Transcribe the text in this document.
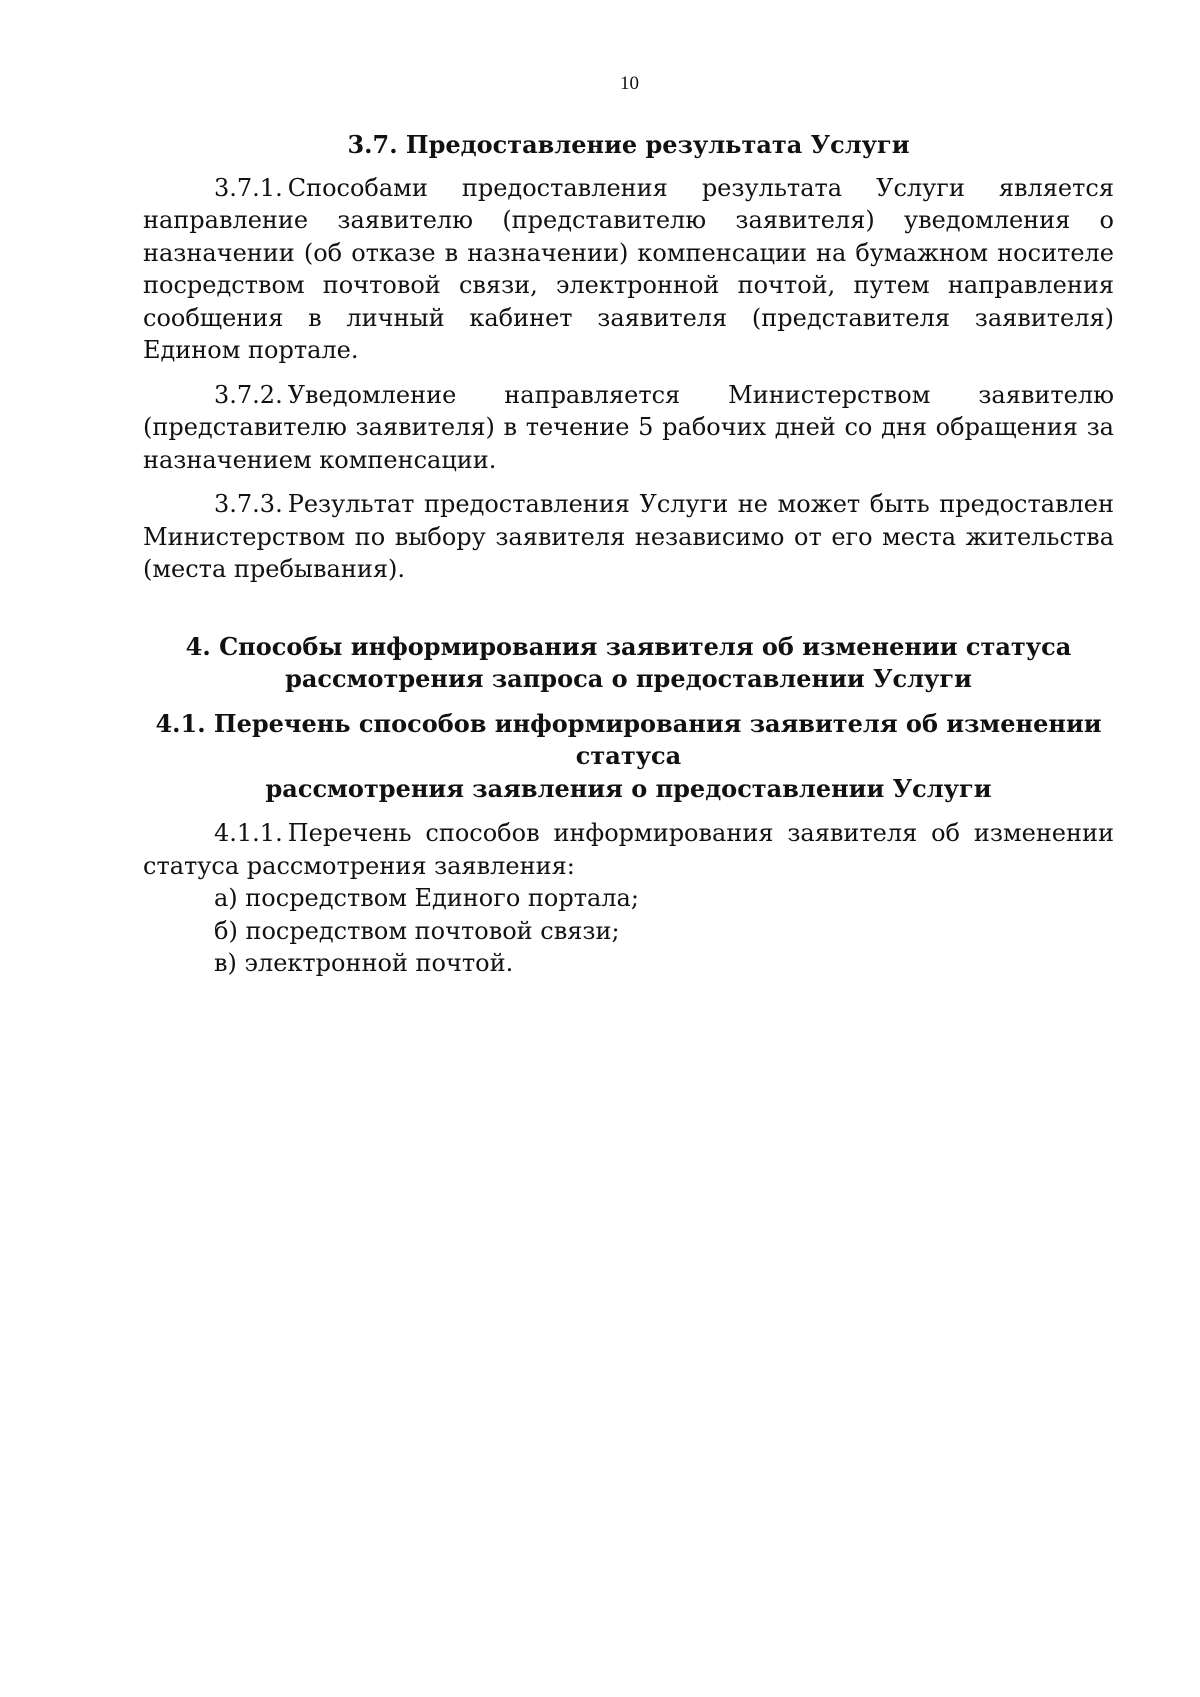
10

3.7. Предоставление результата Услуги

3.7.1. Способами предоставления результата Услуги является направление заявителю (представителю заявителя) уведомления о назначении (об отказе в назначении) компенсации на бумажном носителе посредством почтовой связи, электронной почтой, путем направления сообщения в личный кабинет заявителя (представителя заявителя) Едином портале.

3.7.2. Уведомление направляется Министерством заявителю (представителю заявителя) в течение 5 рабочих дней со дня обращения за назначением компенсации.

3.7.3. Результат предоставления Услуги не может быть предоставлен Министерством по выбору заявителя независимо от его места жительства (места пребывания).

4. Способы информирования заявителя об изменении статуса
рассмотрения запроса о предоставлении Услуги
4.1. Перечень способов информирования заявителя об изменении статуса
рассмотрения заявления о предоставлении Услуги

4.1.1. Перечень способов информирования заявителя об изменении статуса рассмотрения заявления:

а) посредством Единого портала;

б) посредством почтовой связи;

в) электронной почтой.
